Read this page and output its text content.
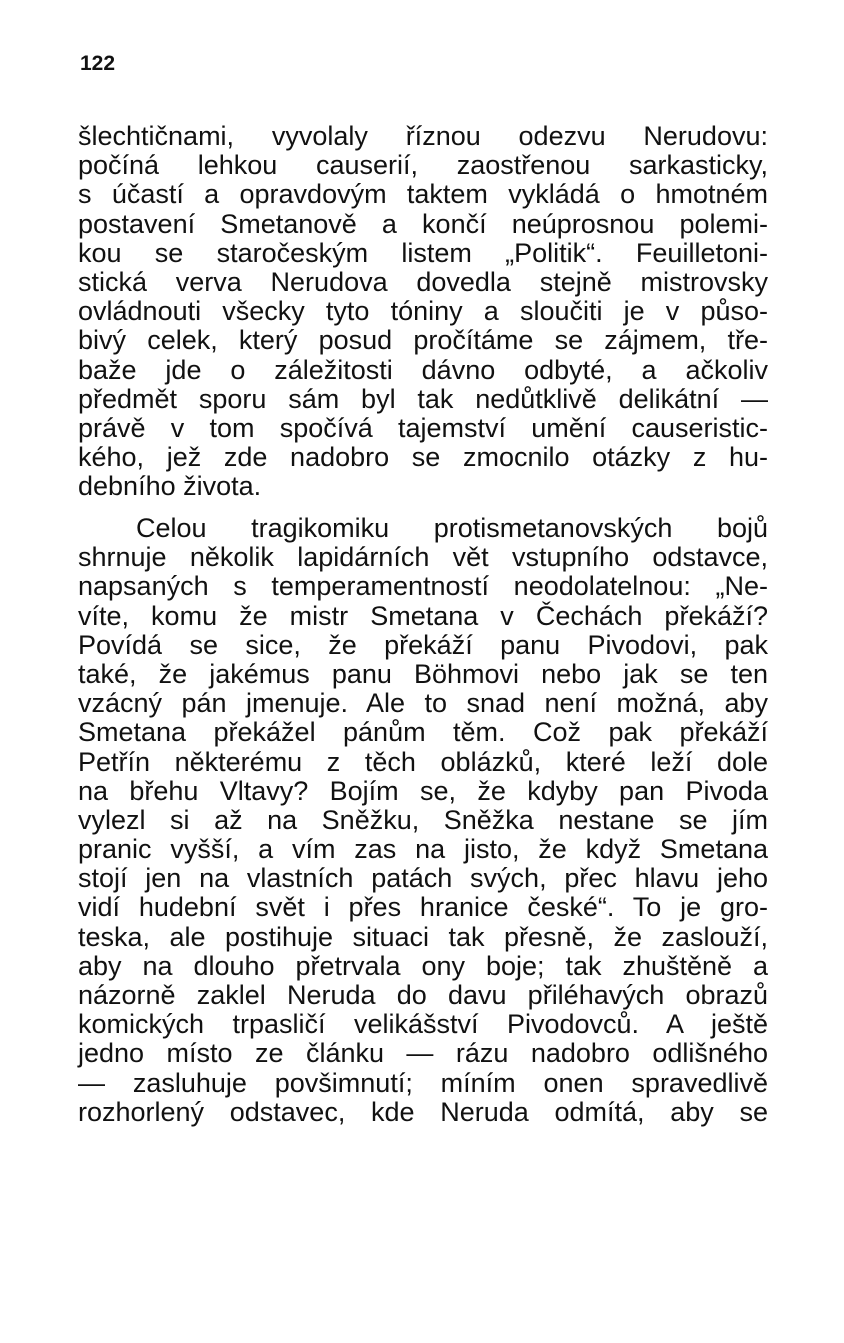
122
šlechtičnami, vyvolaly říznou odezvu Nerudovu:
počíná lehkou causerií, zaostřenou sarkasticky,
s účastí a opravdovým taktem vykládá o hmotném
postavení Smetanově a končí neúprosnou polemi-
kou se staročeským listem „Politik“. Feuilletoni-
stická verva Nerudova dovedla stejně mistrovsky
ovládnouti všecky tyto tóniny a sloučiti je v půso-
bivý celek, který posud pročítáme se zájmem, tře-
baže jde o záležitosti dávno odbyté, a ačkoliv
předmět sporu sám byl tak nedůtklivě delikátní —
právě v tom spočívá tajemství umění causeristic-
kého, jež zde nadobro se zmocnilo otázky z hu-
debního života.
Celou tragikomiku protismetanovských bojů
shrnuje několik lapidárních vět vstupního odstavce,
napsaných s temperamentností neodolatelnou: „Ne-
víte, komu že mistr Smetana v Čechách překáží?
Povídá se sice, že překáží panu Pivodovi, pak
také, že jakémus panu Böhmovi nebo jak se ten
vzácný pán jmenuje. Ale to snad není možná, aby
Smetana překážel pánům těm. Což pak překáží
Petřín některému z těch oblázků, které leží dole
na břehu Vltavy? Bojím se, že kdyby pan Pivoda
vylezl si až na Sněžku, Sněžka nestane se jím
pranic vyšší, a vím zas na jisto, že když Smetana
stojí jen na vlastních patách svých, přec hlavu jeho
vidí hudební svět i přes hranice české“. To je gro-
teska, ale postihuje situaci tak přesně, že zaslouží,
aby na dlouho přetrvala ony boje; tak zhuštěně a
názorně zaklel Neruda do davu přiléhavých obrazů
komických trpasličí velikášství Pivodovců. A ještě
jedno místo ze článku — rázu nadobro odlišného
— zasluhuje povšimnutí; míním onen spravedlivě
rozhorlený odstavec, kde Neruda odmítá, aby se
